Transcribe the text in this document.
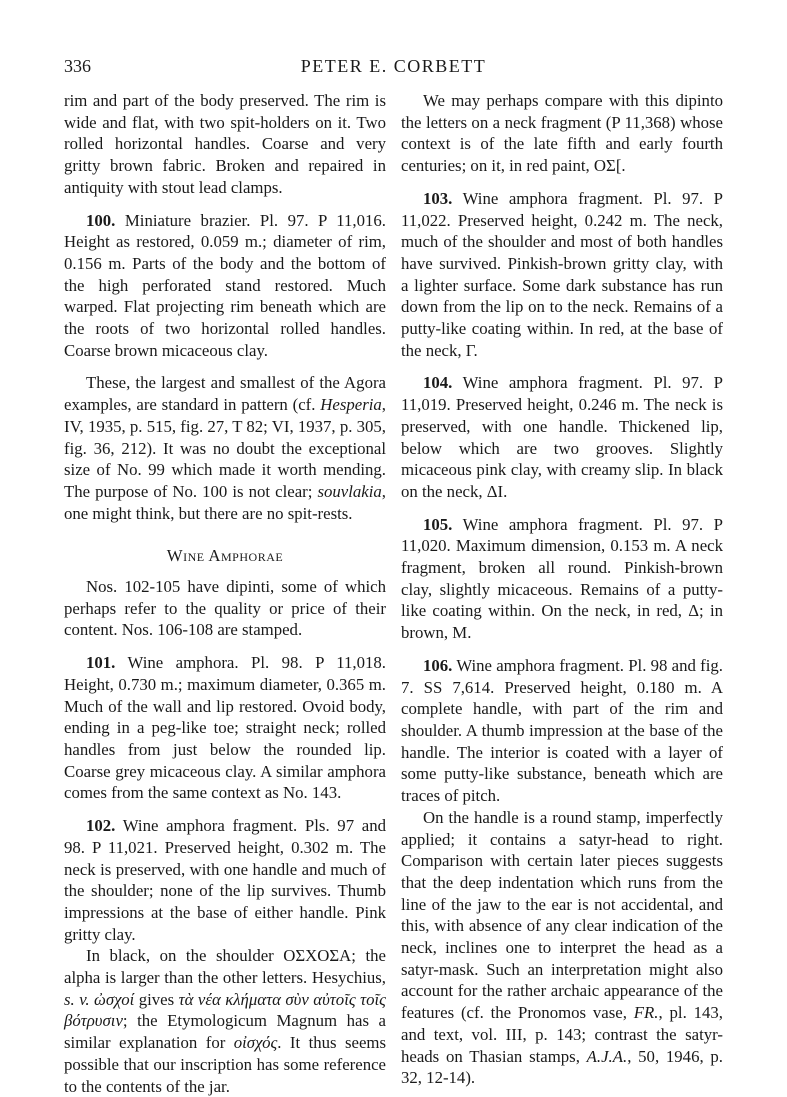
336	PETER E. CORBETT

rim and part of the body preserved. The rim is wide and flat, with two spit-holders on it. Two rolled horizontal handles. Coarse and very gritty brown fabric. Broken and repaired in antiquity with stout lead clamps.

100. Miniature brazier. Pl. 97. P 11,016. Height as restored, 0.059 m.; diameter of rim, 0.156 m. Parts of the body and the bottom of the high perforated stand restored. Much warped. Flat projecting rim beneath which are the roots of two horizontal rolled handles. Coarse brown micaceous clay.

These, the largest and smallest of the Agora examples, are standard in pattern (cf. Hesperia, IV, 1935, p. 515, fig. 27, T 82; VI, 1937, p. 305, fig. 36, 212). It was no doubt the exceptional size of No. 99 which made it worth mending. The purpose of No. 100 is not clear; souvlakia, one might think, but there are no spit-rests.

Wine Amphorae

Nos. 102-105 have dipinti, some of which perhaps refer to the quality or price of their content. Nos. 106-108 are stamped.

101. Wine amphora. Pl. 98. P 11,018. Height, 0.730 m.; maximum diameter, 0.365 m. Much of the wall and lip restored. Ovoid body, ending in a peg-like toe; straight neck; rolled handles from just below the rounded lip. Coarse grey micaceous clay. A similar amphora comes from the same context as No. 143.

102. Wine amphora fragment. Pls. 97 and 98. P 11,021. Preserved height, 0.302 m. The neck is preserved, with one handle and much of the shoulder; none of the lip survives. Thumb impressions at the base of either handle. Pink gritty clay.

In black, on the shoulder ΟΣΧΟΣΑ; the alpha is larger than the other letters. Hesychius, s. v. ὠσχοί gives τὰ νέα κλήματα σὺν αὐτοῖς τοῖς βότρυσιν; the Etymologicum Magnum has a similar explanation for οἰσχός. It thus seems possible that our inscription has some reference to the contents of the jar.

We may perhaps compare with this dipinto the letters on a neck fragment (P 11,368) whose context is of the late fifth and early fourth centuries; on it, in red paint, ΟΣ[.

103. Wine amphora fragment. Pl. 97. P 11,022. Preserved height, 0.242 m. The neck, much of the shoulder and most of both handles have survived. Pinkish-brown gritty clay, with a lighter surface. Some dark substance has run down from the lip on to the neck. Remains of a putty-like coating within. In red, at the base of the neck, Γ.

104. Wine amphora fragment. Pl. 97. P 11,019. Preserved height, 0.246 m. The neck is preserved, with one handle. Thickened lip, below which are two grooves. Slightly micaceous pink clay, with creamy slip. In black on the neck, ΔΙ.

105. Wine amphora fragment. Pl. 97. P 11,020. Maximum dimension, 0.153 m. A neck fragment, broken all round. Pinkish-brown clay, slightly micaceous. Remains of a putty-like coating within. On the neck, in red, Δ; in brown, Μ.

106. Wine amphora fragment. Pl. 98 and fig. 7. SS 7,614. Preserved height, 0.180 m. A complete handle, with part of the rim and shoulder. A thumb impression at the base of the handle. The interior is coated with a layer of some putty-like substance, beneath which are traces of pitch.

On the handle is a round stamp, imperfectly applied; it contains a satyr-head to right. Comparison with certain later pieces suggests that the deep indentation which runs from the line of the jaw to the ear is not accidental, and this, with absence of any clear indication of the neck, inclines one to interpret the head as a satyr-mask. Such an interpretation might also account for the rather archaic appearance of the features (cf. the Pronomos vase, FR., pl. 143, and text, vol. III, p. 143; contrast the satyr-heads on Thasian stamps, A.J.A., 50, 1946, p. 32, 12-14).
